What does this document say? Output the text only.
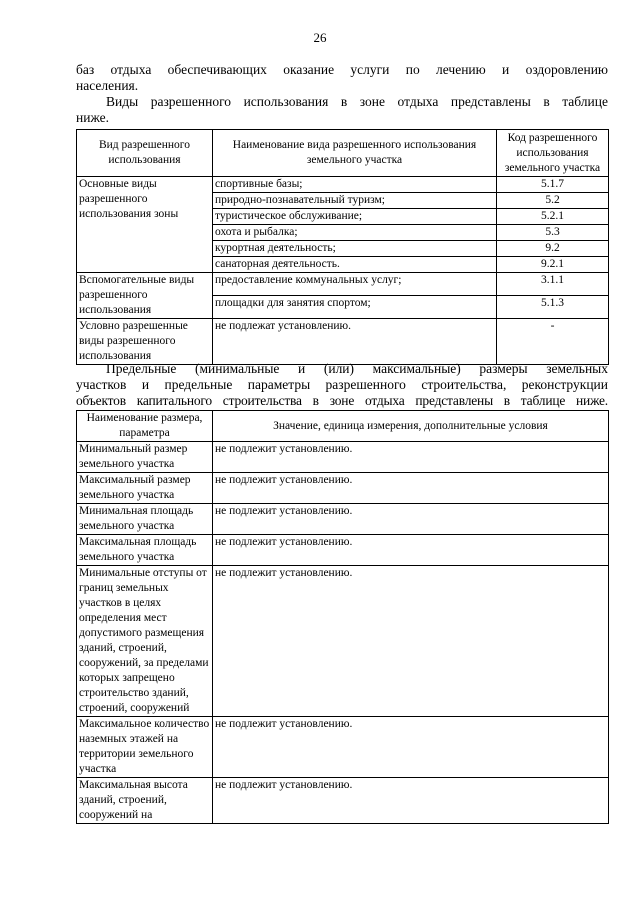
26
баз отдыха обеспечивающих оказание услуги по лечению и оздоровлению
населения.
Виды разрешенного использования в зоне отдыха представлены в таблице
ниже.
Вид разрешенного использования	Наименование вида разрешенного использования земельного участка	Код разрешенного использования земельного участка
Основные виды разрешенного использования зоны	спортивные базы;	5.1.7
	природно-познавательный туризм;	5.2
	туристическое обслуживание;	5.2.1
	охота и рыбалка;	5.3
	курортная деятельность;	9.2
	санаторная деятельность.	9.2.1
Вспомогательные виды разрешенного использования	предоставление коммунальных услуг;	3.1.1
	площадки для занятия спортом;	5.1.3
Условно разрешенные виды разрешенного использования	не подлежат установлению.	-
Предельные (минимальные и (или) максимальные) размеры земельных
участков и предельные параметры разрешенного строительства, реконструкции
объектов капитального строительства в зоне отдыха представлены в таблице ниже.
Наименование размера, параметра	Значение, единица измерения, дополнительные условия
Минимальный размер земельного участка	не подлежит установлению.
Максимальный размер земельного участка	не подлежит установлению.
Минимальная площадь земельного участка	не подлежит установлению.
Максимальная площадь земельного участка	не подлежит установлению.
Минимальные отступы от границ земельных участков в целях определения мест допустимого размещения зданий, строений, сооружений, за пределами которых запрещено строительство зданий, строений, сооружений	не подлежит установлению.
Максимальное количество наземных этажей на территории земельного участка	не подлежит установлению.
Максимальная высота зданий, строений, сооружений на	не подлежит установлению.
